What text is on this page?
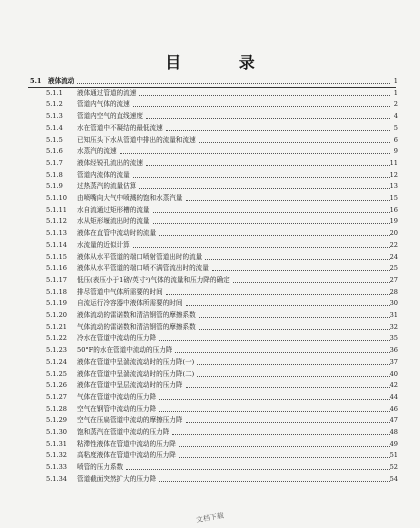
目 录
5.1 液体流动	1
5.1.1 液体通过管道的流速	1
5.1.2 管道内气体的流速	2
5.1.3 管道内空气的直线速度	4
5.1.4 水在管道中不凝结的最低流速	5
5.1.5 已知压头下水从管道中排出的流量和流速	6
5.1.6 水蒸汽的流速	9
5.1.7 液体经锐孔流出的流速	11
5.1.8 管道内流体的流量	12
5.1.9 过热蒸汽的流量估算	13
5.1.10 由喷嘴向大气中喷溅的饱和水蒸汽量	15
5.1.11 水自流通过矩形槽的流量	16
5.1.12 水从矩形堰流出时的流量	19
5.1.13 液体在直管中流动时的流量	20
5.1.14 水流量的近似计算	22
5.1.15 液体从水平管道的端口喷射管道出时的流量	24
5.1.16 液体从水平管道的端口喷不满管流出时的流量	25
5.1.17 低压(表压小于1磅/英寸²)气体的流量和压力降的确定	27
5.1.18 排尽管道中气体所需要的时间	28
5.1.19 自流运行冷容器中液体所需要的时间	30
5.1.20 液体流动的雷诺数和清洁钢管的摩擦系数	31
5.1.21 气体流动的雷诺数和清洁钢管的摩擦系数	32
5.1.22 冷水在管道中流动的压力降	35
5.1.23 50°F的水在管道中流动的压力降	36
5.1.24 液体在管道中呈湍流流动时的压力降(一)	37
5.1.25 液体在管道中呈湍流流动时的压力降(二)	40
5.1.26 液体在管道中呈层流流动时的压力降	42
5.1.27 气体在管道中流动的压力降	44
5.1.28 空气在钢管中流动的压力降	46
5.1.29 空气在压扁管道中流动的摩擦压力降	47
5.1.30 饱和蒸汽在管道中流动的压力降	48
5.1.31 粘滞性液体在管道中流动的压力降	49
5.1.32 高粘度液体在管道中流动的压力降	51
5.1.33 喷管的压力系数	52
5.1.34 管道截面突然扩大的压力降	54
文档下载
